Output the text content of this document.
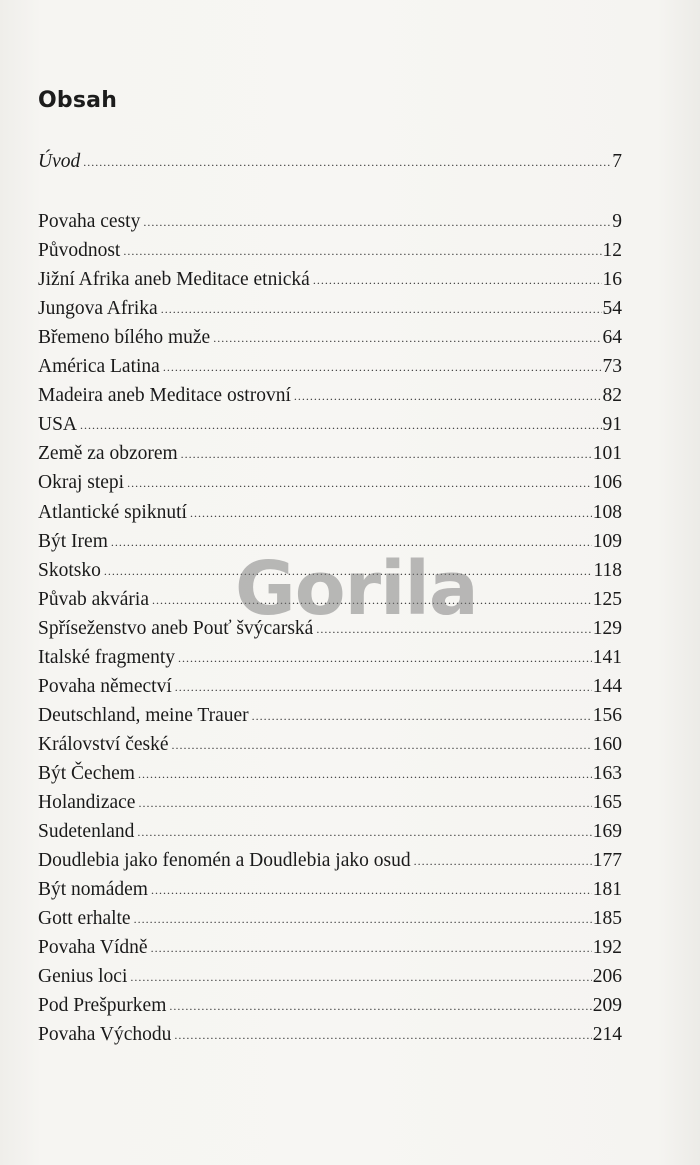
Obsah
Úvod .....	7
Povaha cesty .....	9
Původnost .....	12
Jižní Afrika aneb Meditace etnická .....	16
Jungova Afrika .....	54
Břemeno bílého muže .....	64
América Latina .....	73
Madeira aneb Meditace ostrovní .....	82
USA .....	91
Země za obzorem .....	101
Okraj stepi .....	106
Atlantické spiknutí .....	108
Být Irem .....	109
Skotsko .....	118
Půvab akvária .....	125
Spříseženstvo aneb Pouť švýcarská .....	129
Italské fragmenty .....	141
Povaha němectví .....	144
Deutschland, meine Trauer .....	156
Království české .....	160
Být Čechem .....	163
Holandizace .....	165
Sudetenland .....	169
Doudlebia jako fenomén a Doudlebia jako osud .....	177
Být nomádem .....	181
Gott erhalte .....	185
Povaha Vídně .....	192
Genius loci .....	206
Pod Prešpurkem .....	209
Povaha Východu .....	214
Gorila
